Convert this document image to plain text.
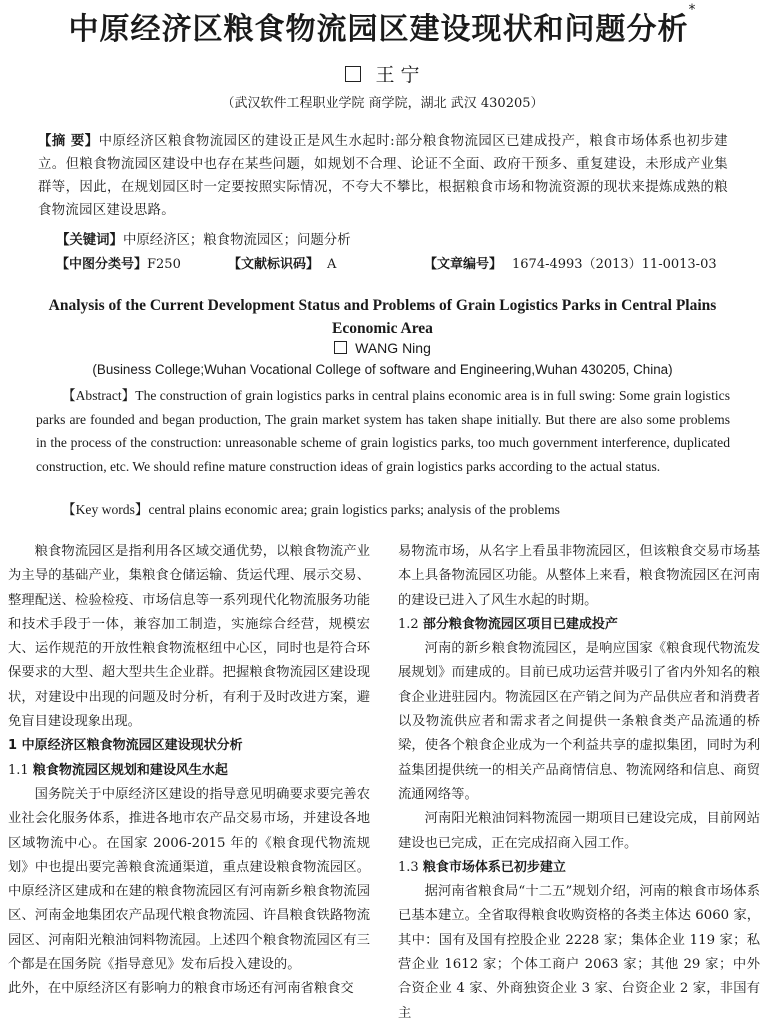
中原经济区粮食物流园区建设现状和问题分析*
王 宁
（武汉软件工程职业学院 商学院，湖北 武汉 430205）
【摘 要】中原经济区粮食物流园区的建设正是风生水起时:部分粮食物流园区已建成投产，粮食市场体系也初步建立。但粮食物流园区建设中也存在某些问题，如规划不合理、论证不全面、政府干预多、重复建设，未形成产业集群等，因此，在规划园区时一定要按照实际情况，不夸大不攀比，根据粮食市场和物流资源的现状来提炼成熟的粮食物流园区建设思路。
【关键词】中原经济区；粮食物流园区；问题分析
【中图分类号】F250	【文献标识码】 A	【文章编号】 1674-4993（2013）11-0013-03
Analysis of the Current Development Status and Problems of Grain Logistics Parks in Central Plains Economic Area
WANG Ning
(Business College;Wuhan Vocational College of software and Engineering,Wuhan 430205, China)
【Abstract】The construction of grain logistics parks in central plains economic area is in full swing: Some grain logistics parks are founded and began production, The grain market system has taken shape initially. But there are also some problems in the process of the construction: unreasonable scheme of grain logistics parks, too much government interference, duplicated construction, etc. We should refine mature construction ideas of grain logistics parks according to the actual status.
【Key words】central plains economic area; grain logistics parks; analysis of the problems

粮食物流园区是指利用各区域交通优势，以粮食物流产业为主导的基础产业，集粮食仓储运输、货运代理、展示交易、整理配送、检验检疫、市场信息等一系列现代化物流服务功能和技术手段于一体，兼容加工制造，实施综合经营，规模宏大、运作规范的开放性粮食物流枢纽中心区，同时也是符合环保要求的大型、超大型共生企业群。把握粮食物流园区建设现状，对建设中出现的问题及时分析，有利于及时改进方案，避免盲目建设现象出现。

1 中原经济区粮食物流园区建设现状分析

1.1 粮食物流园区规划和建设风生水起

国务院关于中原经济区建设的指导意见明确要求要完善农业社会化服务体系，推进各地市农产品交易市场，并建设各地区域物流中心。在国家 2006-2015 年的《粮食现代物流规划》中也提出要完善粮食流通渠道，重点建设粮食物流园区。中原经济区建成和在建的粮食物流园区有河南新乡粮食物流园区、河南金地集团农产品现代粮食物流园、许昌粮食铁路物流园区、河南阳光粮油饲料物流园。上述四个粮食物流园区有三个都是在国务院《指导意见》发布后投入建设的。

此外，在中原经济区有影响力的粮食市场还有河南省粮食交

易物流市场，从名字上看虽非物流园区，但该粮食交易市场基本上具备物流园区功能。从整体上来看，粮食物流园区在河南的建设已进入了风生水起的时期。

1.2 部分粮食物流园区项目已建成投产

河南的新乡粮食物流园区，是响应国家《粮食现代物流发展规划》而建成的。目前已成功运营并吸引了省内外知名的粮食企业进驻园内。物流园区在产销之间为产品供应者和消费者以及物流供应者和需求者之间提供一条粮食类产品流通的桥梁，使各个粮食企业成为一个利益共享的虚拟集团，同时为利益集团提供统一的相关产品商情信息、物流网络和信息、商贸流通网络等。

河南阳光粮油饲料物流园一期项目已建设完成，目前网站建设也已完成，正在完成招商入园工作。

1.3 粮食市场体系已初步建立

据河南省粮食局“十二五”规划介绍，河南的粮食市场体系已基本建立。全省取得粮食收购资格的各类主体达 6060 家，其中：国有及国有控股企业 2228 家；集体企业 119 家；私营企业 1612 家；个体工商户 2063 家；其他 29 家；中外合资企业 4 家、外商独资企业 3 家、台资企业 2 家，非国有主
